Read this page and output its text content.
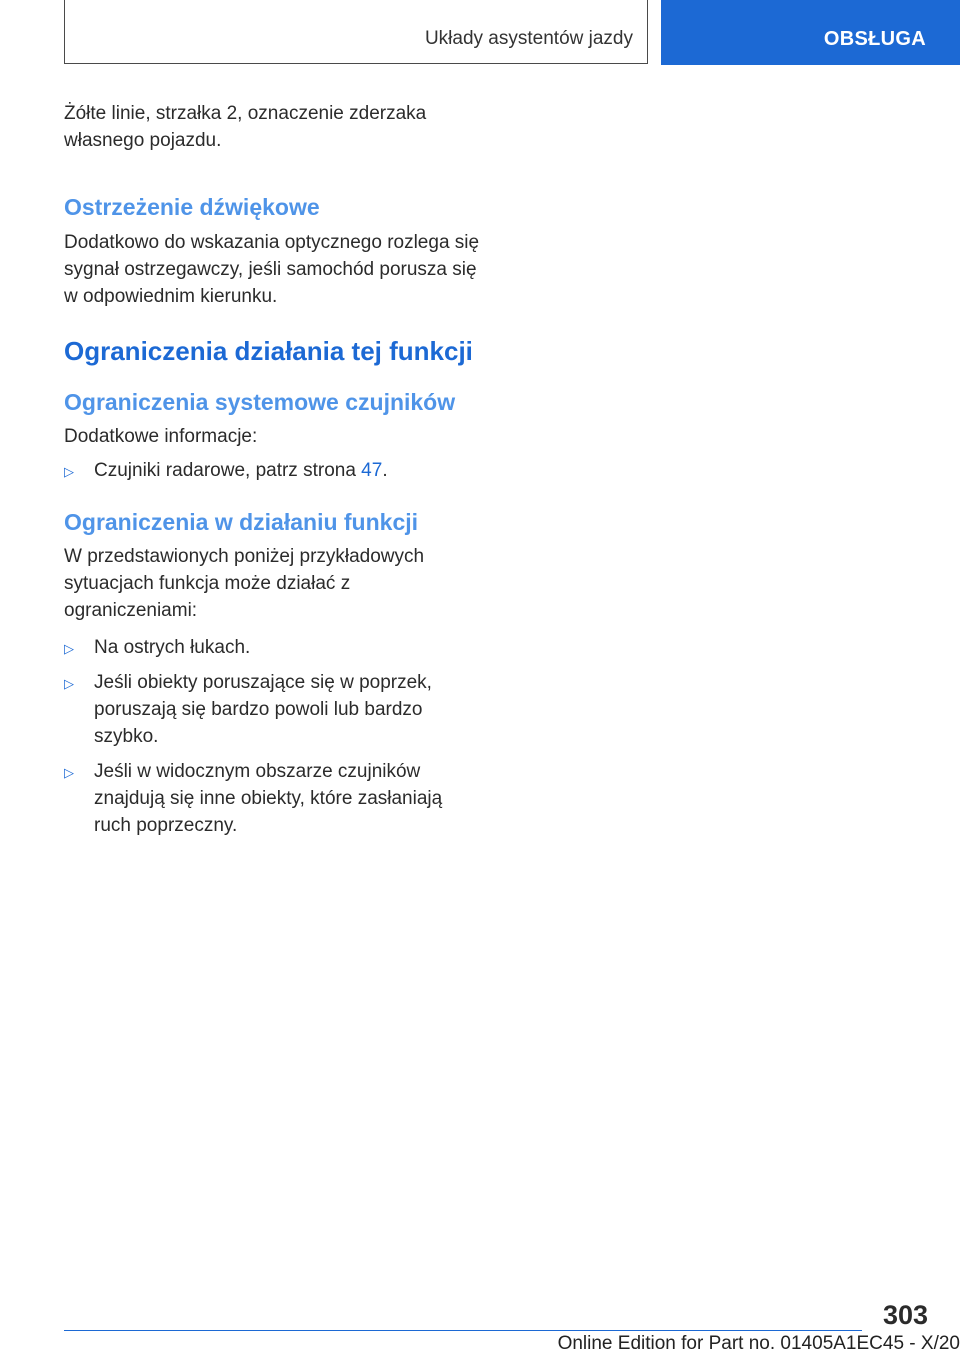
Układy asystentów jazdy	OBSŁUGA

Żółte linie, strzałka 2, oznaczenie zderzaka własnego pojazdu.

Ostrzeżenie dźwiękowe

Dodatkowo do wskazania optycznego rozlega się sygnał ostrzegawczy, jeśli samochód porusza się w odpowiednim kierunku.

Ograniczenia działania tej funkcji
Ograniczenia systemowe czujników

Dodatkowe informacje:

▷ Czujniki radarowe, patrz strona 47.
Ograniczenia w działaniu funkcji

W przedstawionych poniżej przykładowych sytuacjach funkcja może działać z ograniczeniami:

▷ Na ostrych łukach.
▷ Jeśli obiekty poruszające się w poprzek, poruszają się bardzo powoli lub bardzo szybko.
▷ Jeśli w widocznym obszarze czujników znajdują się inne obiekty, które zasłaniają ruch poprzeczny.
303
Online Edition for Part no. 01405A1EC45 - X/20
